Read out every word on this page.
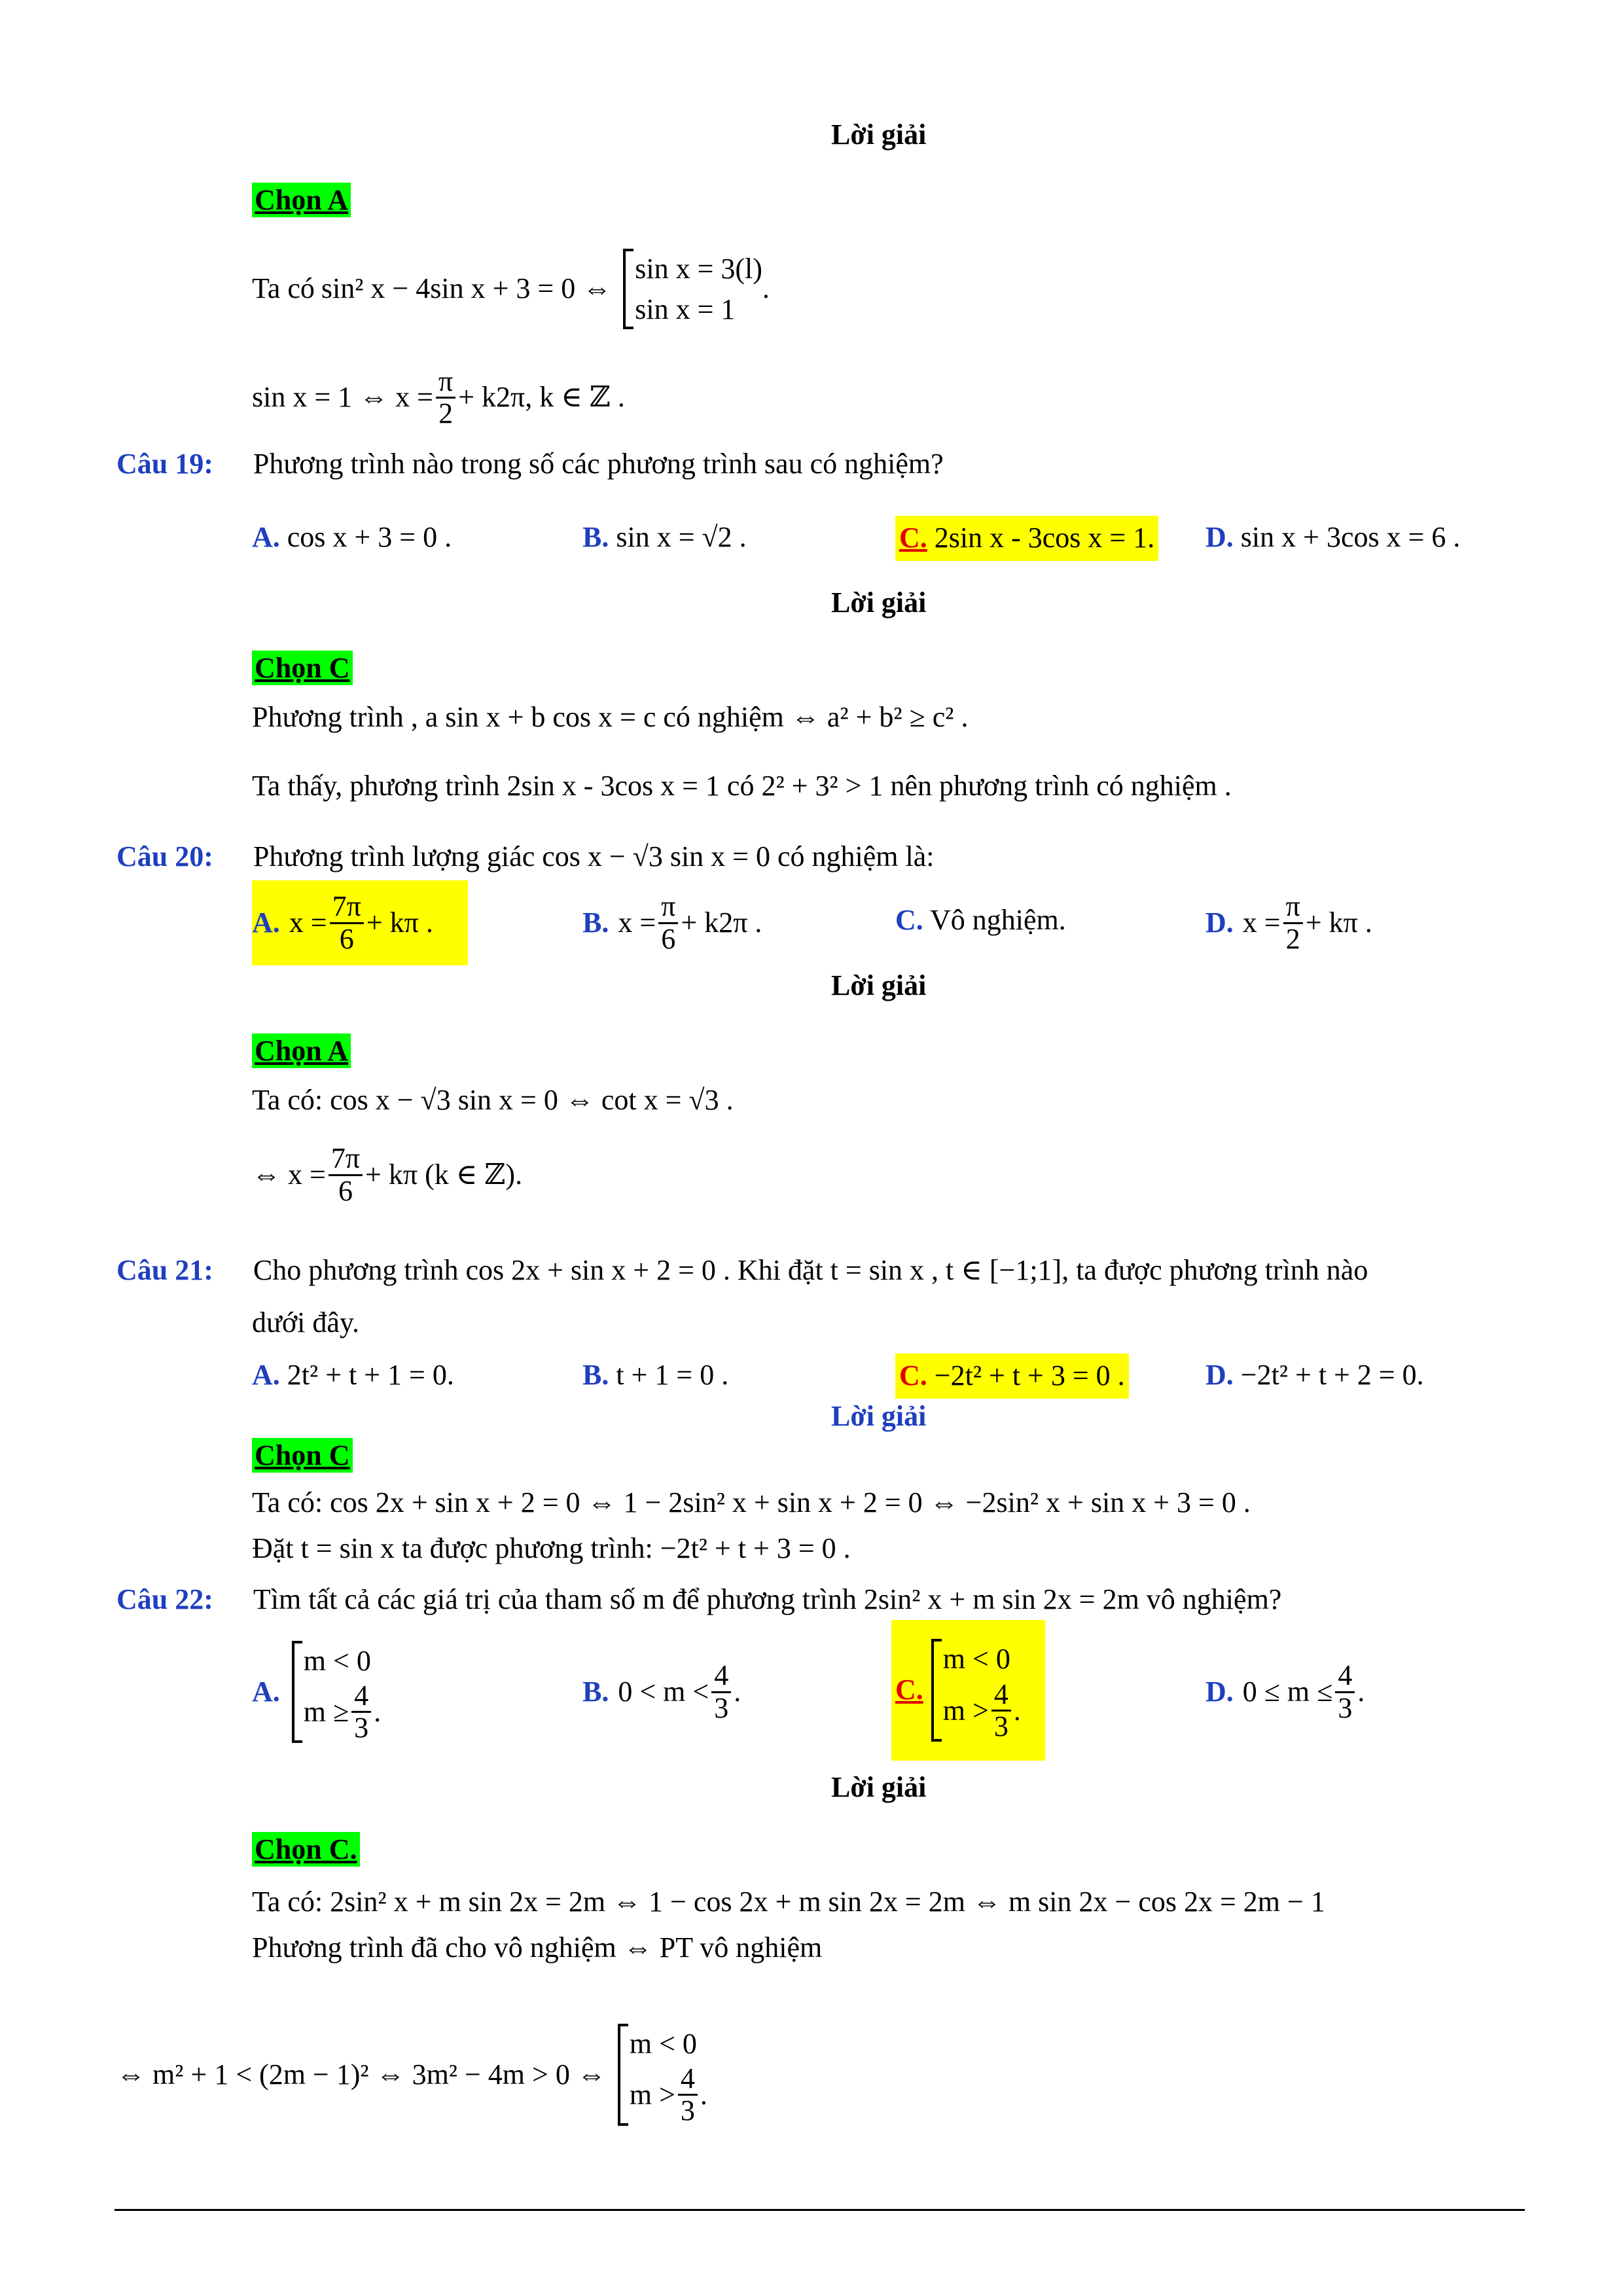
Lời giải
Chọn A
Ta có sin² x − 4sin x + 3 = 0 ⇔
sin x = 3(l)
sin x = 1
.
sin x = 1 ⇔ $x = \frac{\pi}{2} + k2\pi$, k ∈ ℤ .
Câu 19: Phương trình nào trong số các phương trình sau có nghiệm?
A. cos x + 3 = 0 .	B. sin x = √2 .	C. 2sin x - 3cos x = 1. D. sin x + 3cos x = 6 .
Lời giải
Chọn C
Phương trình , a sin x + b cos x = c có nghiệm ⇔ a² + b² ≥ c² .
Ta thấy, phương trình 2sin x - 3cos x = 1 có 2² + 3² > 1 nên phương trình có nghiệm .
Câu 20: Phương trình lượng giác cos x − √3 sin x = 0 có nghiệm là:
A. $x = \frac{7\pi}{6} + k\pi$ .	B. $x = \frac{\pi}{6} + k2\pi$ .	C. Vô nghiệm.	D. $x = \frac{\pi}{2} + k\pi$ .
Lời giải
Chọn A
Ta có: cos x − √3 sin x = 0 ⇔ cot x = √3 .
⇔ $x = \frac{7\pi}{6} + k\pi$ (k ∈ ℤ).
Câu 21: Cho phương trình cos 2x + sin x + 2 = 0 . Khi đặt t = sin x , t ∈ [−1;1], ta được phương trình nào
dưới đây.
A. 2t² + t + 1 = 0.	B. t + 1 = 0 .	C. −2t² + t + 3 = 0 .	D. −2t² + t + 2 = 0.
Lời giải
Chọn C
Ta có: cos 2x + sin x + 2 = 0 ⇔ 1 − 2sin² x + sin x + 2 = 0 ⇔ −2sin² x + sin x + 3 = 0 .
Đặt t = sin x ta được phương trình: −2t² + t + 3 = 0 .
Câu 22: Tìm tất cả các giá trị của tham số m để phương trình 2sin² x + m sin 2x = 2m vô nghiệm?
A.
m < 0
$m \ge \frac{4}{3}$ .
B. $0 < m < \frac{4}{3}$ .	C.
m < 0
$m > \frac{4}{3}$ .
D. $0 \le m \le \frac{4}{3}$ .
Lời giải
Chọn C.
Ta có: 2sin² x + m sin 2x = 2m ⇔ 1 − cos 2x + m sin 2x = 2m ⇔ m sin 2x − cos 2x = 2m − 1
Phương trình đã cho vô nghiệm ⇔ PT vô nghiệm
⇔ m² + 1 < (2m − 1)² ⇔ 3m² − 4m > 0 ⇔
m < 0
$m > \frac{4}{3}$ .
